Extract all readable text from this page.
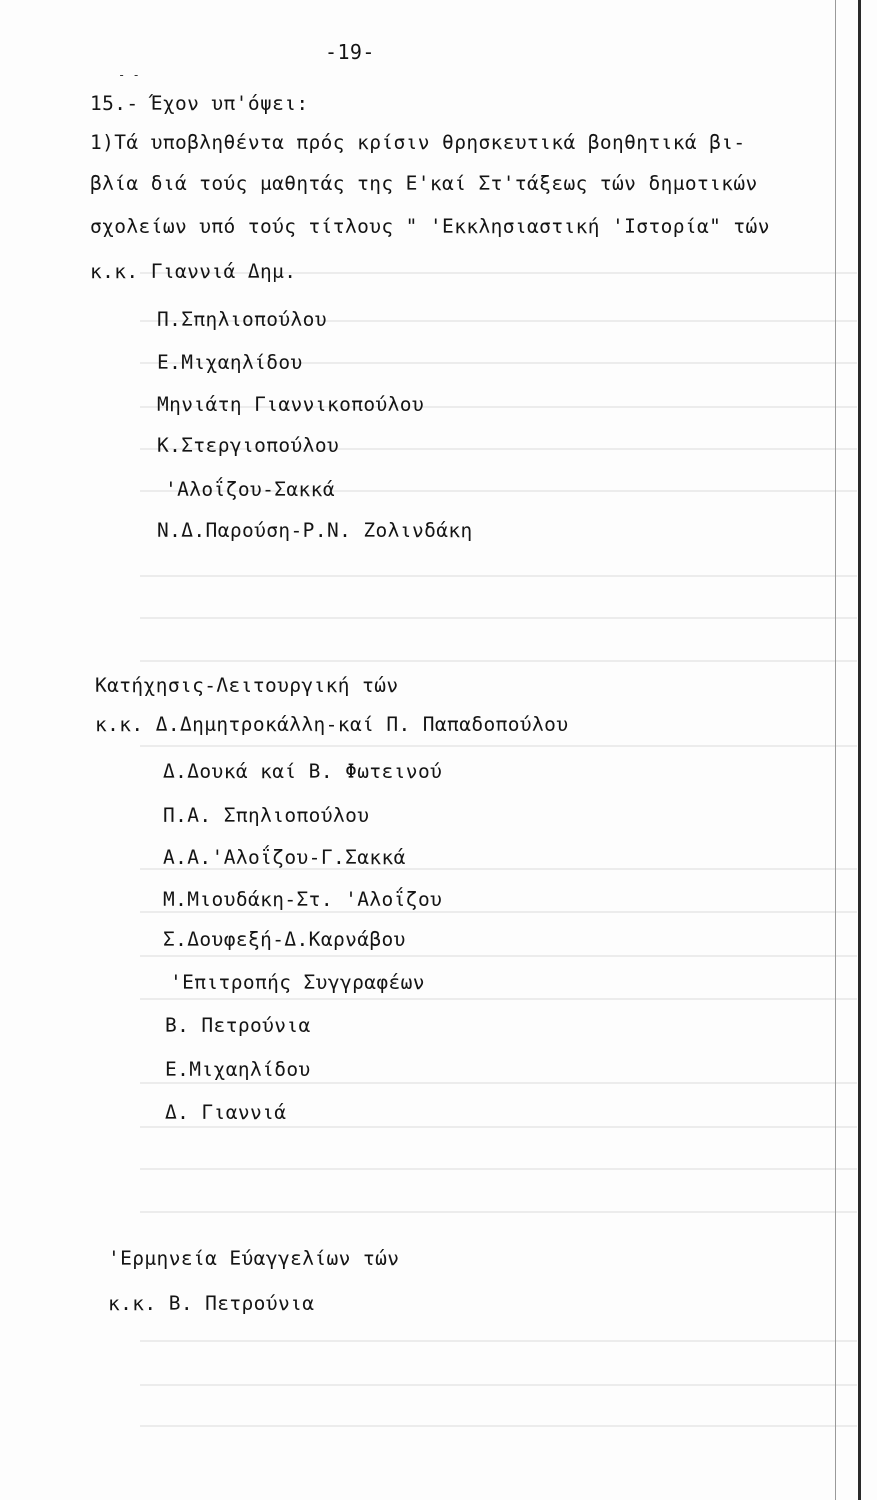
-19-
- -
15.- Έχον υπ'όψει:
1)Τά υποβληθέντα πρός κρίσιν θρησκευτικά βοηθητικά βι-
βλία διά τούς μαθητάς της Ε'καί Στ'τάξεως τών δημοτικών
σχολείων υπό τούς τίτλους " 'Εκκλησιαστική 'Ιστορία" τών
κ.κ. Γιαννιά Δημ.
Π.Σπηλιοπούλου
Ε.Μιχαηλίδου
Μηνιάτη Γιαννικοπούλου
Κ.Στεργιοπούλου
'Αλοΐζου-Σακκά
Ν.Δ.Παρούση-Ρ.Ν. Ζολινδάκη
Κατήχησις-Λειτουργική τών
κ.κ. Δ.Δημητροκάλλη-καί Π. Παπαδοπούλου
Δ.Δουκά καί Β. Φωτεινού
Π.Α. Σπηλιοπούλου
Α.Α.'Αλοΐζου-Γ.Σακκά
Μ.Μιουδάκη-Στ. 'Αλοΐζου
Σ.Δουφεξή-Δ.Καρνάβου
'Επιτροπής Συγγραφέων
Β. Πετρούνια
Ε.Μιχαηλίδου
Δ. Γιαννιά
'Ερμηνεία Εύαγγελίων τών
κ.κ. Β. Πετρούνια
